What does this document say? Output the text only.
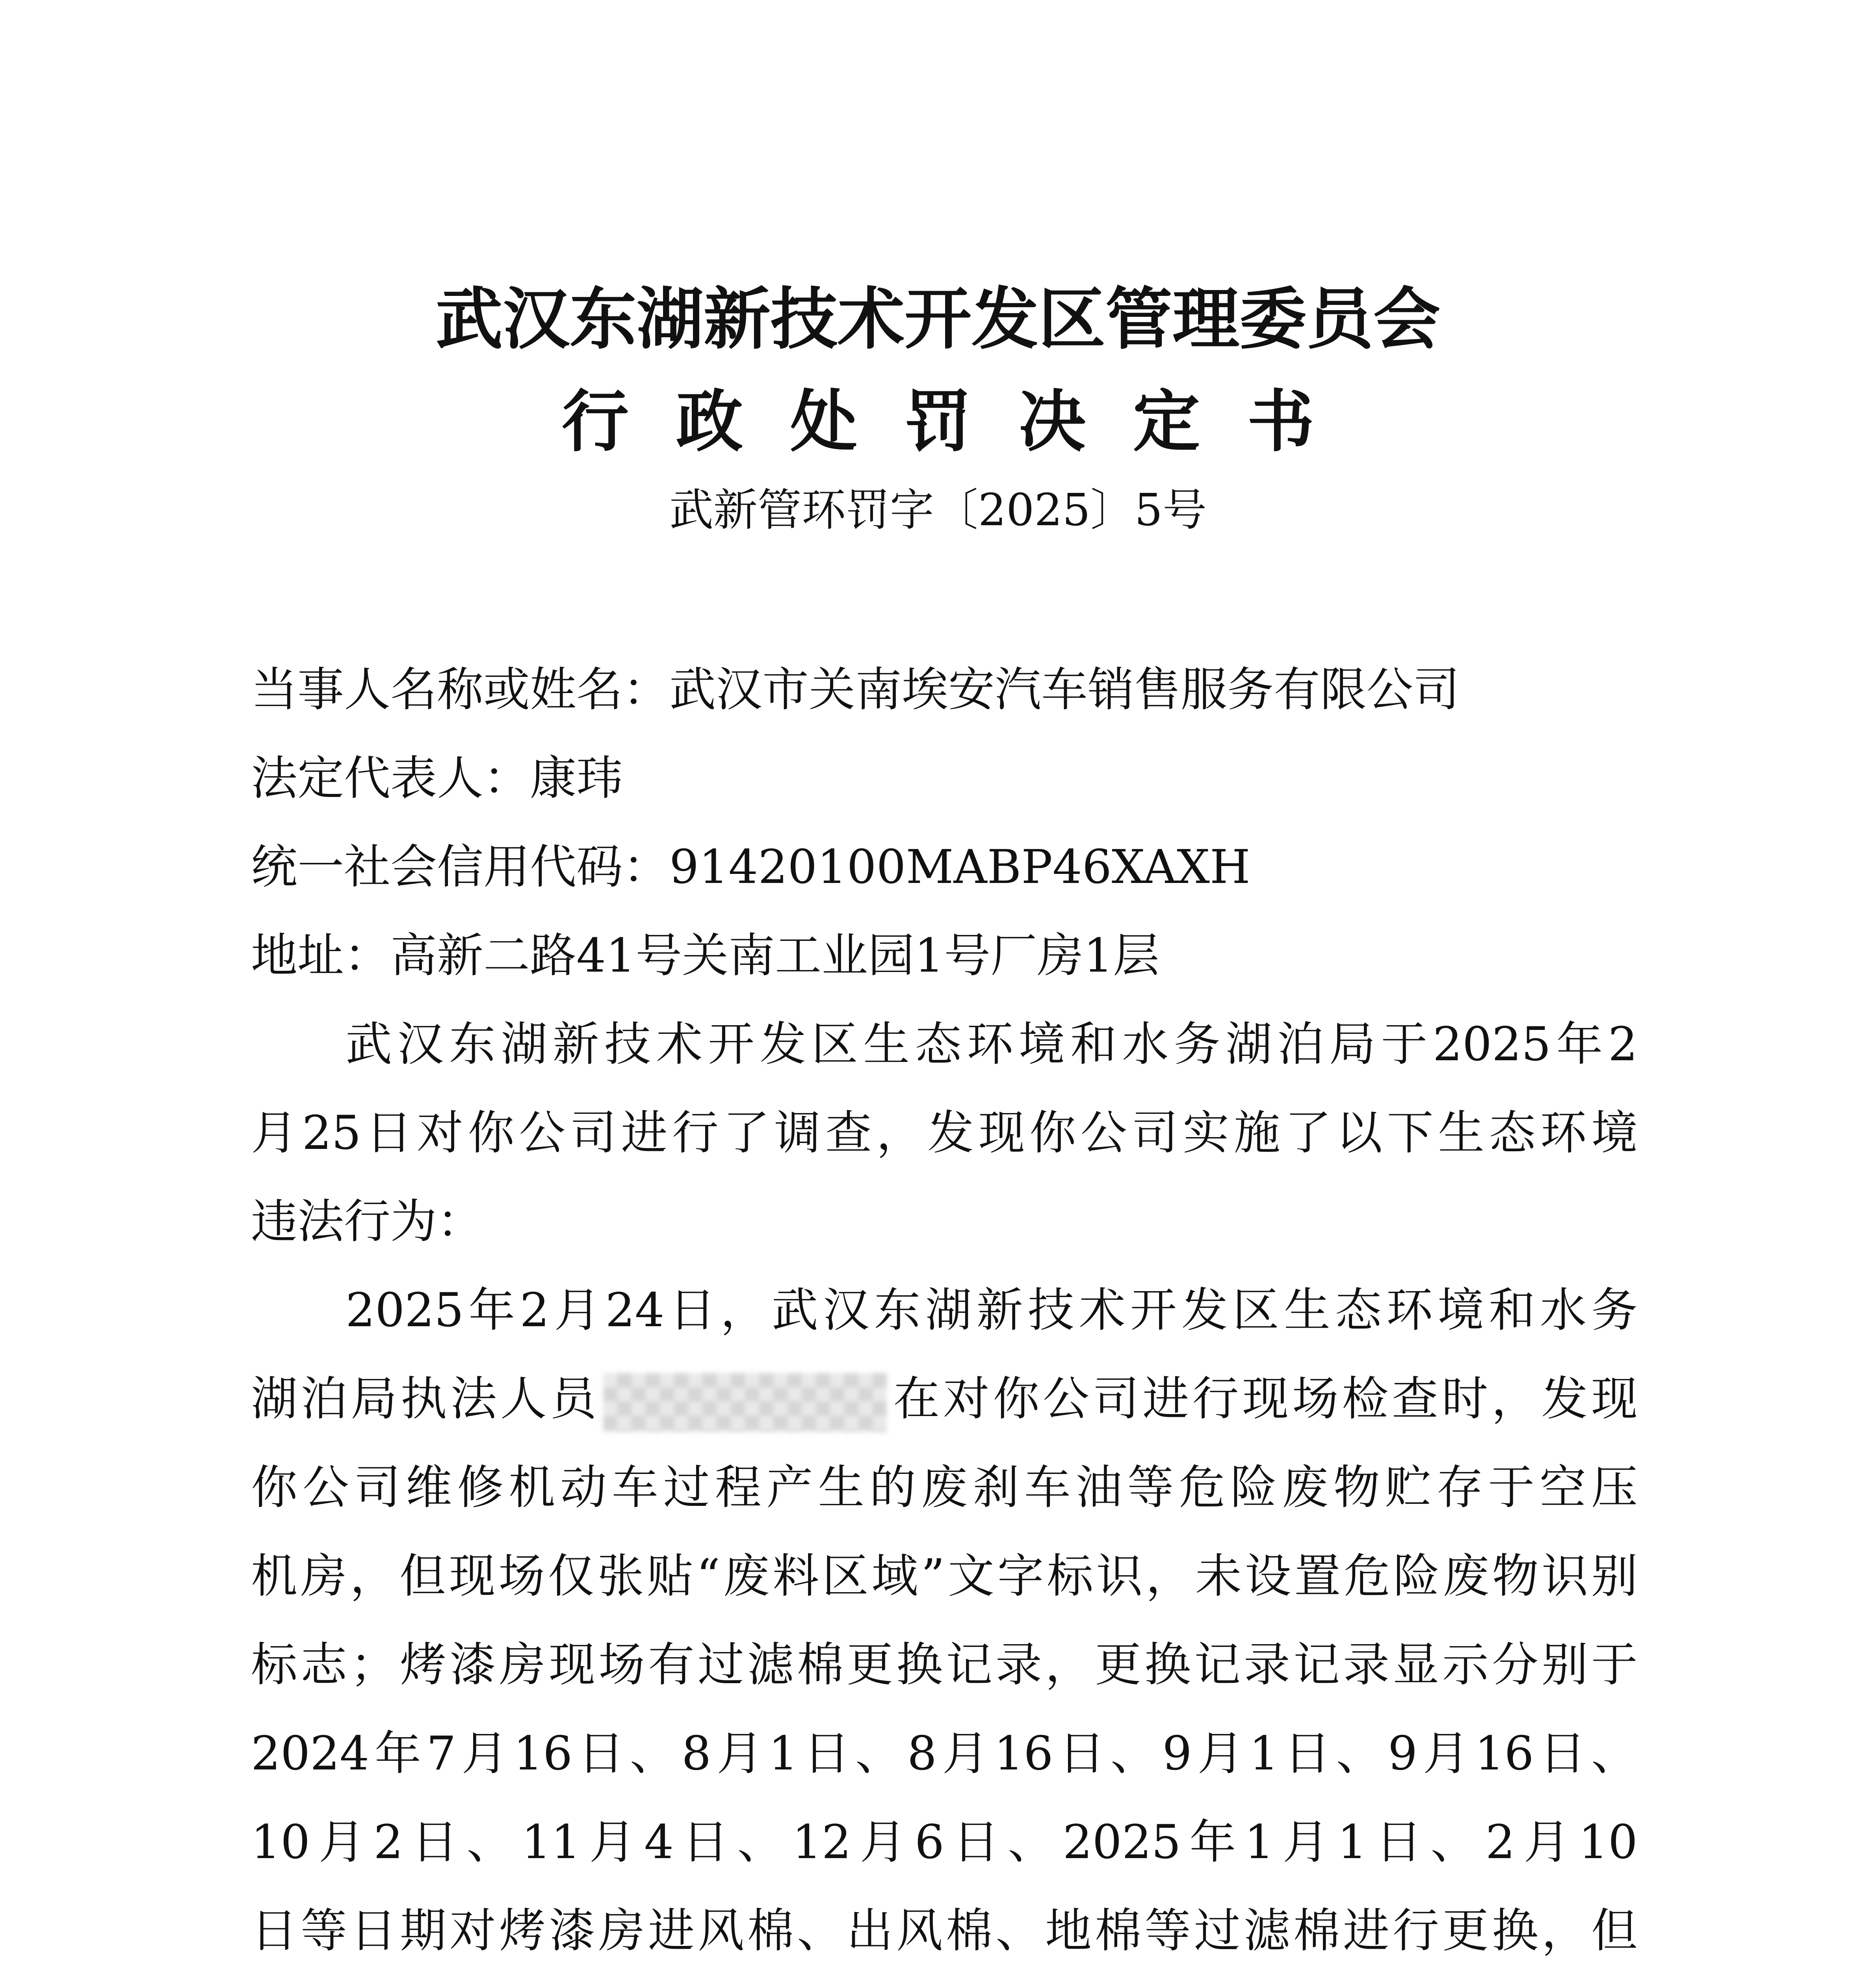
武汉东湖新技术开发区管理委员会
行政处罚决定书
武新管环罚字〔2025〕5号
当事人名称或姓名：武汉市关南埃安汽车销售服务有限公司
法定代表人：康玮
统一社会信用代码：91420100MABP46XAXH
地址：高新二路41号关南工业园1号厂房1层
武汉东湖新技术开发区生态环境和水务湖泊局于2025年2
月25日对你公司进行了调查，发现你公司实施了以下生态环境
违法行为：
2025年2月24日，武汉东湖新技术开发区生态环境和水务
湖泊局执法人员	在对你公司进行现场检查时，发现
你公司维修机动车过程产生的废刹车油等危险废物贮存于空压
机房，但现场仅张贴“废料区域”文字标识，未设置危险废物识别
标志；烤漆房现场有过滤棉更换记录，更换记录记录显示分别于
2024年7月16日、8月1日、8月16日、9月1日、9月16日、
10月2日、11月4日、12月6日、2025年1月1日、2月10
日等日期对烤漆房进风棉、出风棉、地棉等过滤棉进行更换，但
